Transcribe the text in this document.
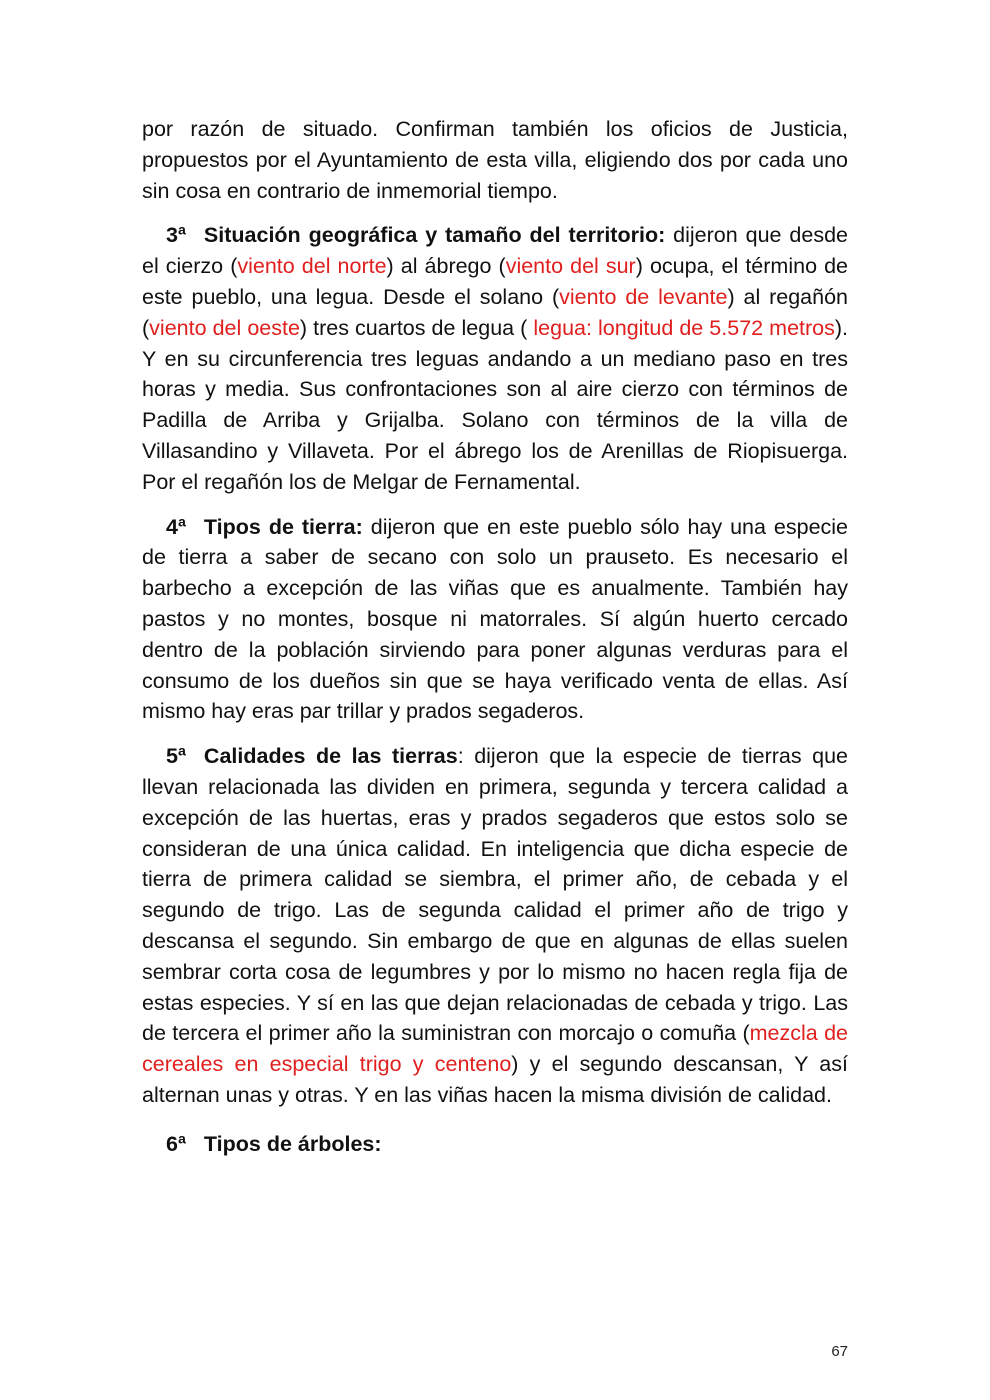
por razón de situado. Confirman también los oficios de Justicia, propuestos por el Ayuntamiento de esta villa, eligiendo dos por cada uno sin cosa en contrario de inmemorial tiempo.

3ª Situación geográfica y tamaño del territorio: dijeron que desde el cierzo (viento del norte) al ábrego (viento del sur) ocupa, el término de este pueblo, una legua. Desde el solano (viento de levante) al regañón (viento del oeste) tres cuartos de legua ( legua: longitud de 5.572 metros). Y en su circunferencia tres leguas andando a un mediano paso en tres horas y media. Sus confrontaciones son al aire cierzo con términos de Padilla de Arriba y Grijalba. Solano con términos de la villa de Villasandino y Villaveta. Por el ábrego los de Arenillas de Riopisuerga. Por el regañón los de Melgar de Fernamental.

4ª Tipos de tierra: dijeron que en este pueblo sólo hay una especie de tierra a saber de secano con solo un prauseto. Es necesario el barbecho a excepción de las viñas que es anualmente. También hay pastos y no montes, bosque ni matorrales. Sí algún huerto cercado dentro de la población sirviendo para poner algunas verduras para el consumo de los dueños sin que se haya verificado venta de ellas. Así mismo hay eras par trillar y prados segaderos.

5ª Calidades de las tierras: dijeron que la especie de tierras que llevan relacionada las dividen en primera, segunda y tercera calidad a excepción de las huertas, eras y prados segaderos que estos solo se consideran de una única calidad. En inteligencia que dicha especie de tierra de primera calidad se siembra, el primer año, de cebada y el segundo de trigo. Las de segunda calidad el primer año de trigo y descansa el segundo. Sin embargo de que en algunas de ellas suelen sembrar corta cosa de legumbres y por lo mismo no hacen regla fija de estas especies. Y sí en las que dejan relacionadas de cebada y trigo. Las de tercera el primer año la suministran con morcajo o comuña (mezcla de cereales en especial trigo y centeno) y el segundo descansan, Y así alternan unas y otras. Y en las viñas hacen la misma división de calidad.

6ª Tipos de árboles:

67
